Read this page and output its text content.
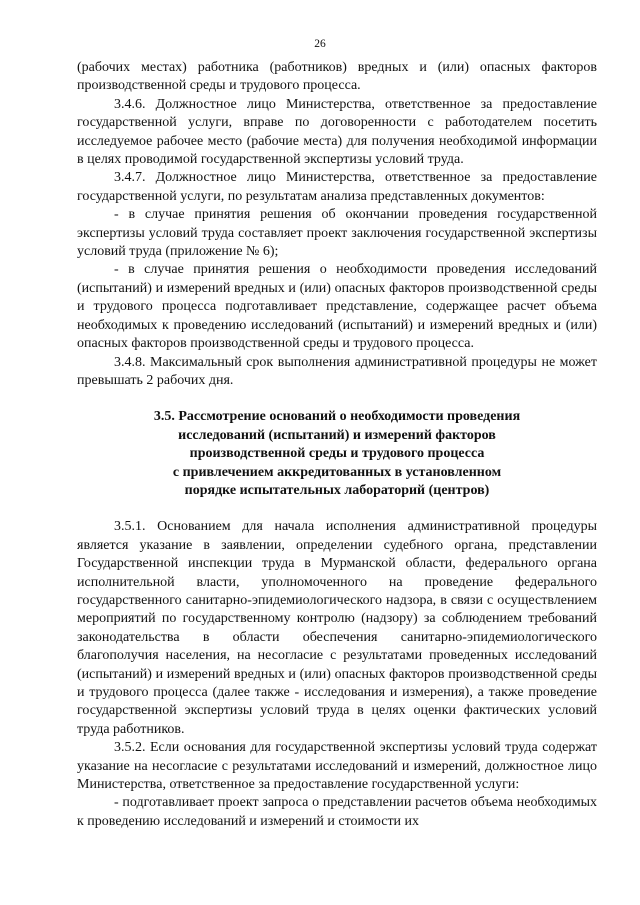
26

(рабочих местах) работника (работников) вредных и (или) опасных факторов производственной среды и трудового процесса.

3.4.6. Должностное лицо Министерства, ответственное за предоставление государственной услуги, вправе по договоренности с работодателем посетить исследуемое рабочее место (рабочие места) для получения необходимой информации в целях проводимой государственной экспертизы условий труда.

3.4.7. Должностное лицо Министерства, ответственное за предоставление государственной услуги, по результатам анализа представленных документов:

- в случае принятия решения об окончании проведения государственной экспертизы условий труда составляет проект заключения государственной экспертизы условий труда (приложение № 6);

- в случае принятия решения о необходимости проведения исследований (испытаний) и измерений вредных и (или) опасных факторов производственной среды и трудового процесса подготавливает представление, содержащее расчет объема необходимых к проведению исследований (испытаний) и измерений вредных и (или) опасных факторов производственной среды и трудового процесса.

3.4.8. Максимальный срок выполнения административной процедуры не может превышать 2 рабочих дня.

3.5. Рассмотрение оснований о необходимости проведения
исследований (испытаний) и измерений факторов
производственной среды и трудового процесса
с привлечением аккредитованных в установленном
порядке испытательных лабораторий (центров)

3.5.1. Основанием для начала исполнения административной процедуры является указание в заявлении, определении судебного органа, представлении Государственной инспекции труда в Мурманской области, федерального органа исполнительной власти, уполномоченного на проведение федерального государственного санитарно-эпидемиологического надзора, в связи с осуществлением мероприятий по государственному контролю (надзору) за соблюдением требований законодательства в области обеспечения санитарно-эпидемиологического благополучия населения, на несогласие с результатами проведенных исследований (испытаний) и измерений вредных и (или) опасных факторов производственной среды и трудового процесса (далее также - исследования и измерения), а также проведение государственной экспертизы условий труда в целях оценки фактических условий труда работников.

3.5.2. Если основания для государственной экспертизы условий труда содержат указание на несогласие с результатами исследований и измерений, должностное лицо Министерства, ответственное за предоставление государственной услуги:

- подготавливает проект запроса о представлении расчетов объема необходимых к проведению исследований и измерений и стоимости их
